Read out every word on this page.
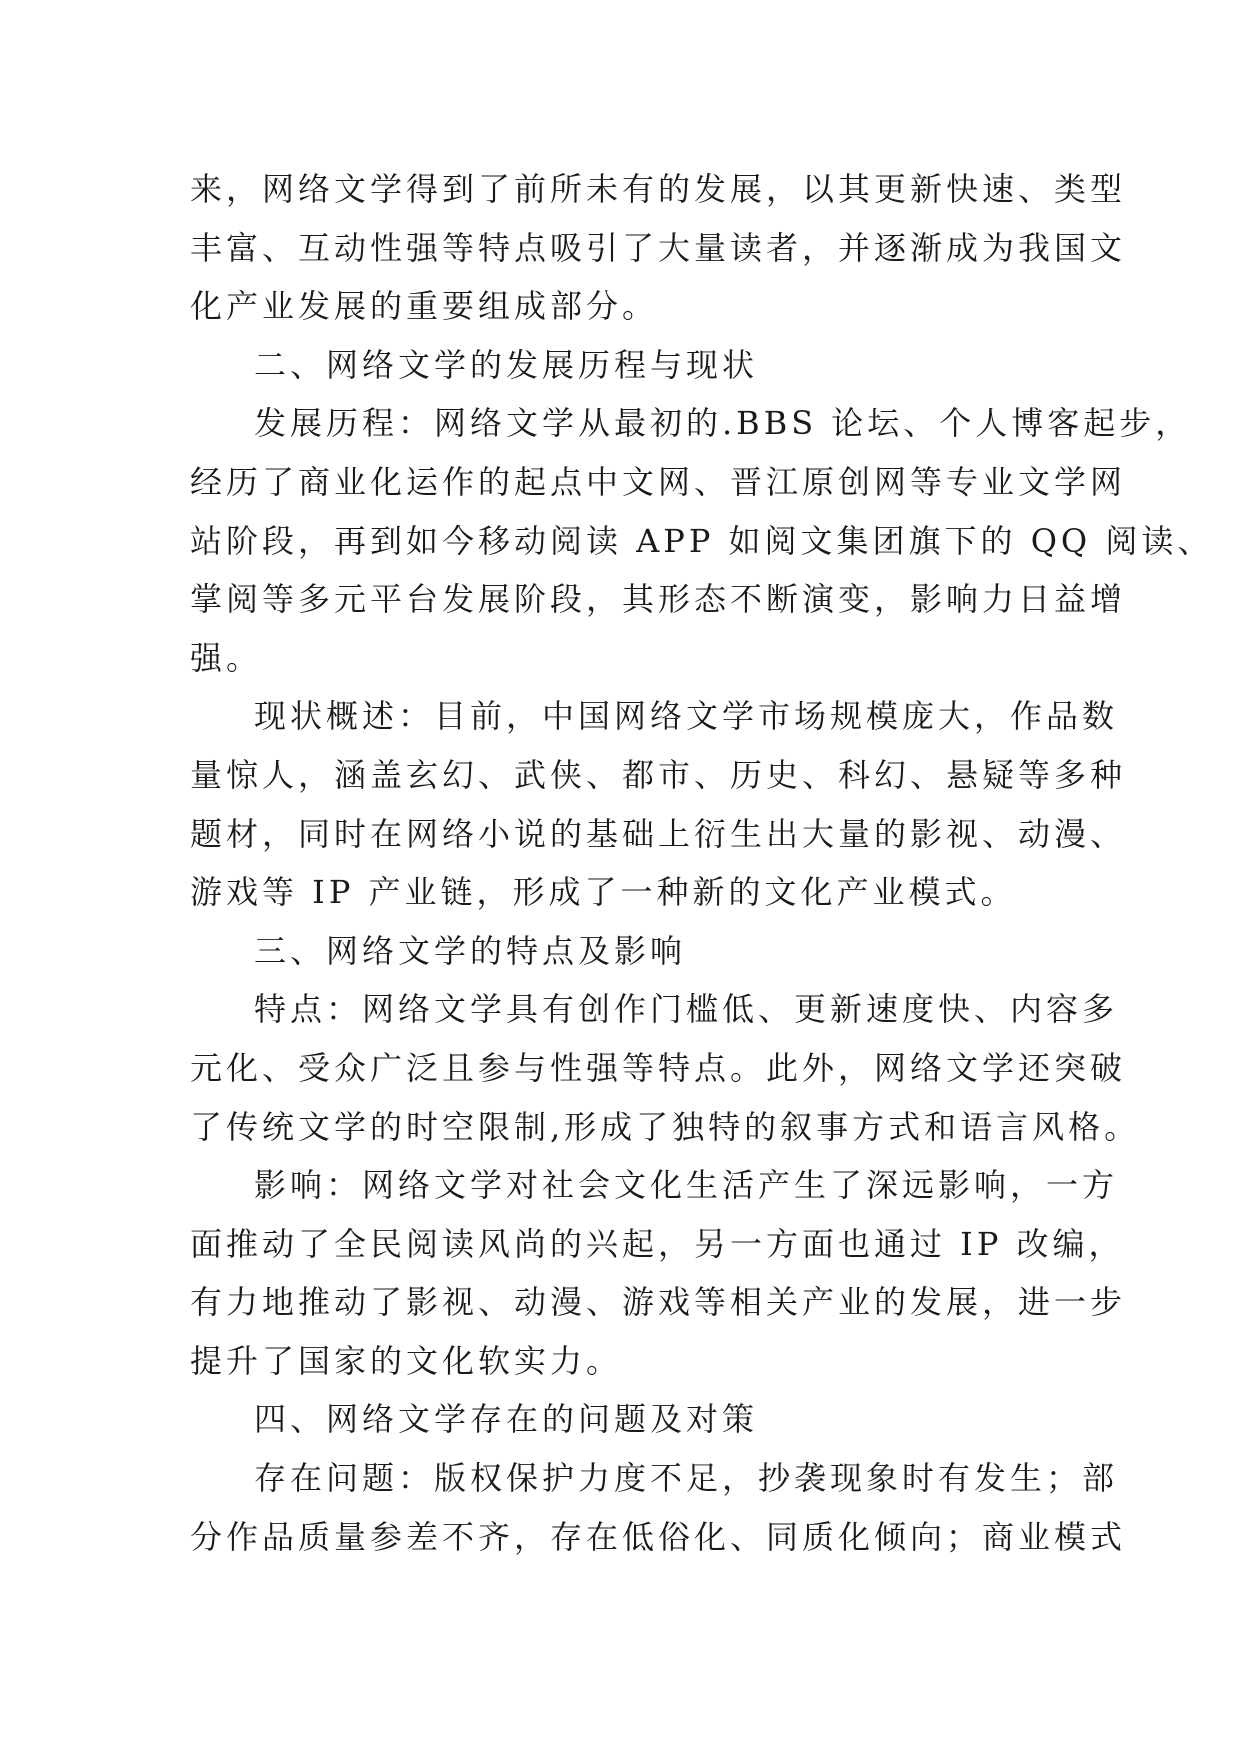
来，网络文学得到了前所未有的发展，以其更新快速、类型
丰富、互动性强等特点吸引了大量读者，并逐渐成为我国文
化产业发展的重要组成部分。
二、网络文学的发展历程与现状
发展历程：网络文学从最初的.BBS 论坛、个人博客起步，
经历了商业化运作的起点中文网、晋江原创网等专业文学网
站阶段，再到如今移动阅读 APP 如阅文集团旗下的 QQ 阅读、
掌阅等多元平台发展阶段，其形态不断演变，影响力日益增
强。
现状概述：目前，中国网络文学市场规模庞大，作品数
量惊人，涵盖玄幻、武侠、都市、历史、科幻、悬疑等多种
题材，同时在网络小说的基础上衍生出大量的影视、动漫、
游戏等 IP 产业链，形成了一种新的文化产业模式。
三、网络文学的特点及影响
特点：网络文学具有创作门槛低、更新速度快、内容多
元化、受众广泛且参与性强等特点。此外，网络文学还突破
了传统文学的时空限制,形成了独特的叙事方式和语言风格。
影响：网络文学对社会文化生活产生了深远影响，一方
面推动了全民阅读风尚的兴起，另一方面也通过 IP 改编，
有力地推动了影视、动漫、游戏等相关产业的发展，进一步
提升了国家的文化软实力。
四、网络文学存在的问题及对策
存在问题：版权保护力度不足，抄袭现象时有发生；部
分作品质量参差不齐，存在低俗化、同质化倾向；商业模式
